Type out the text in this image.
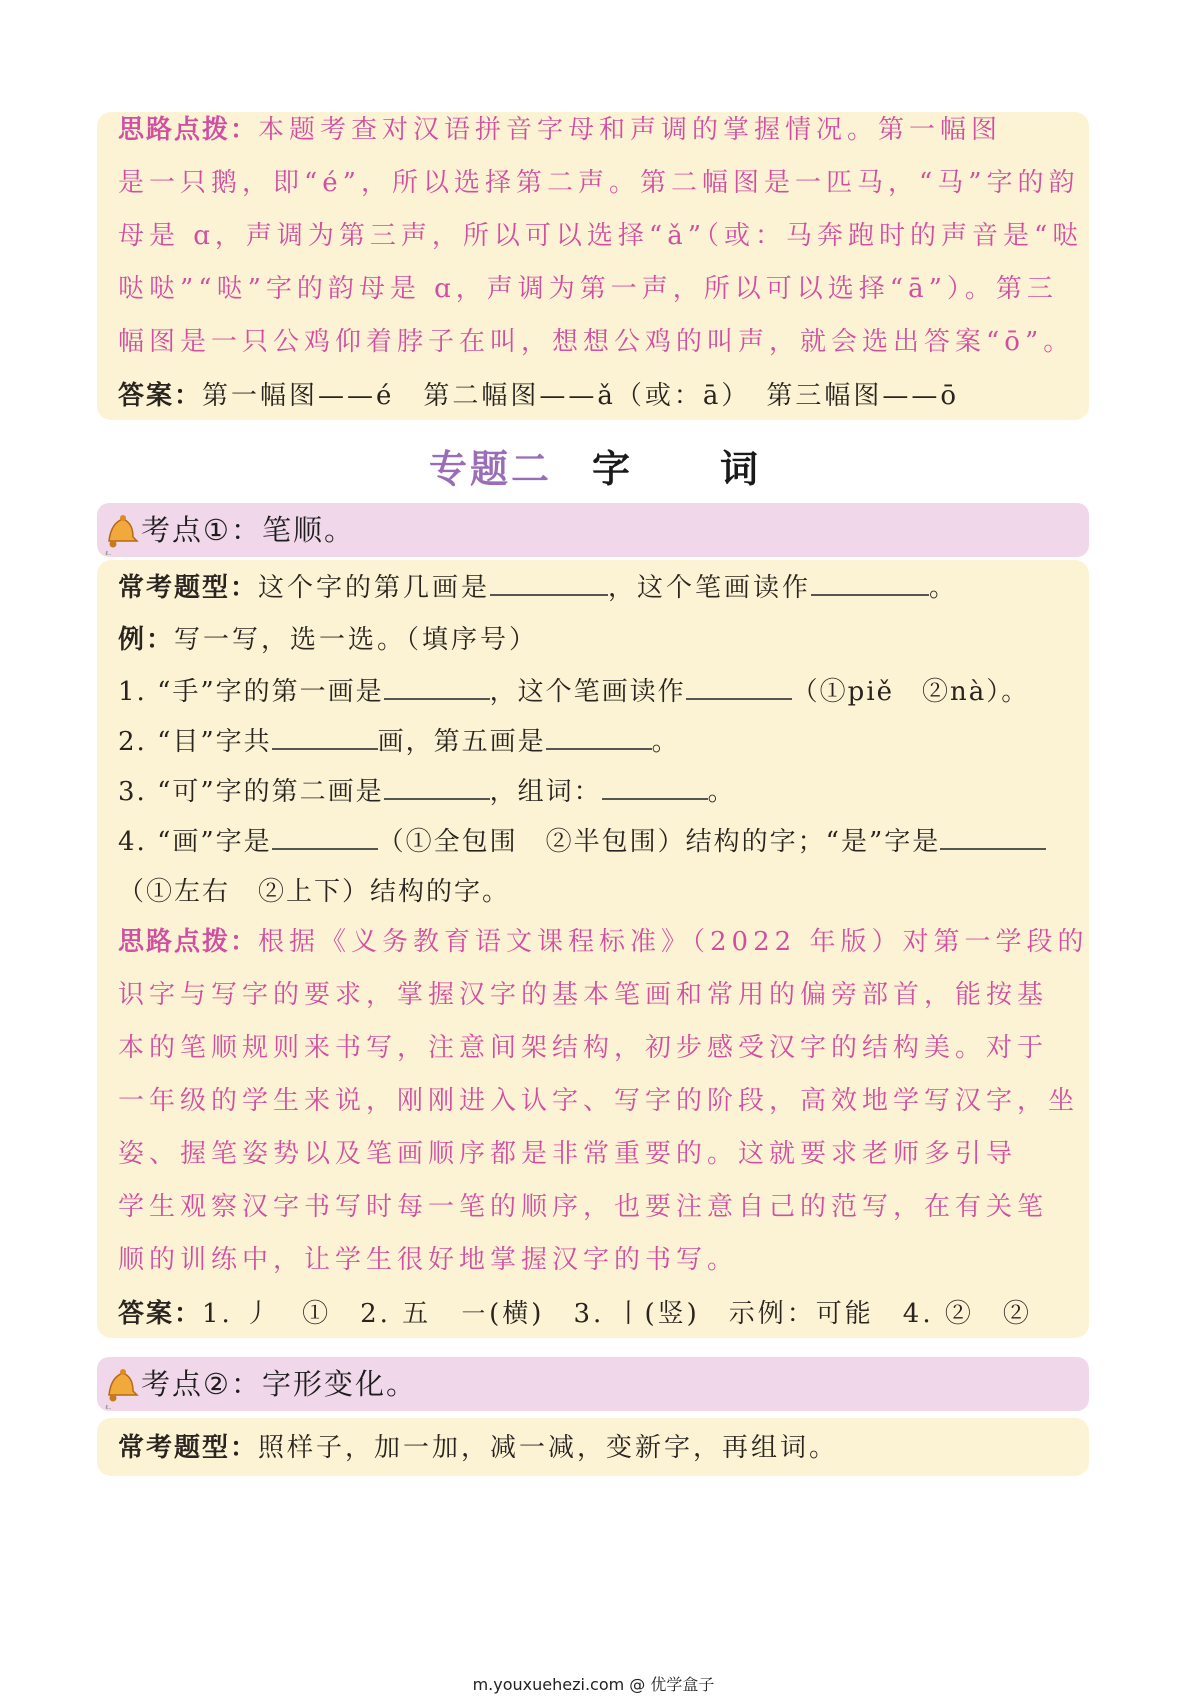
思路点拨：本题考查对汉语拼音字母和声调的掌握情况。第一幅图
是一只鹅，即“é”，所以选择第二声。第二幅图是一匹马，“马”字的韵
母是 ɑ，声调为第三声，所以可以选择“ǎ”（或：马奔跑时的声音是“哒
哒哒”“哒”字的韵母是 ɑ，声调为第一声，所以可以选择“ā”）。第三
幅图是一只公鸡仰着脖子在叫，想想公鸡的叫声，就会选出答案“ō”。
答案：第一幅图——é　第二幅图——ǎ（或：ā）　第三幅图——ō
专题二 字 词
考点①：笔顺。
常考题型：这个字的第几画是	，这个笔画读作	。
例：写一写，选一选。（填序号）
1. “手”字的第一画是	，这个笔画读作	（①piě　②nà）。
2. “目”字共	画，第五画是	。
3. “可”字的第二画是	，组词：	。
4. “画”字是	（①全包围　②半包围）结构的字；“是”字是
（①左右　②上下）结构的字。
思路点拨：根据《义务教育语文课程标准》（2022 年版）对第一学段的
识字与写字的要求，掌握汉字的基本笔画和常用的偏旁部首，能按基
本的笔顺规则来书写，注意间架结构，初步感受汉字的结构美。对于
一年级的学生来说，刚刚进入认字、写字的阶段，高效地学写汉字，坐
姿、握笔姿势以及笔画顺序都是非常重要的。这就要求老师多引导
学生观察汉字书写时每一笔的顺序，也要注意自己的范写，在有关笔
顺的训练中，让学生很好地掌握汉字的书写。
答案：1. 丿　①　2. 五　㇐(横)　3. 丨(竖)　示例：可能　4. ②　②
考点②：字形变化。
常考题型：照样子，加一加，减一减，变新字，再组词。
m.youxuehezi.com @ 优学盒子
